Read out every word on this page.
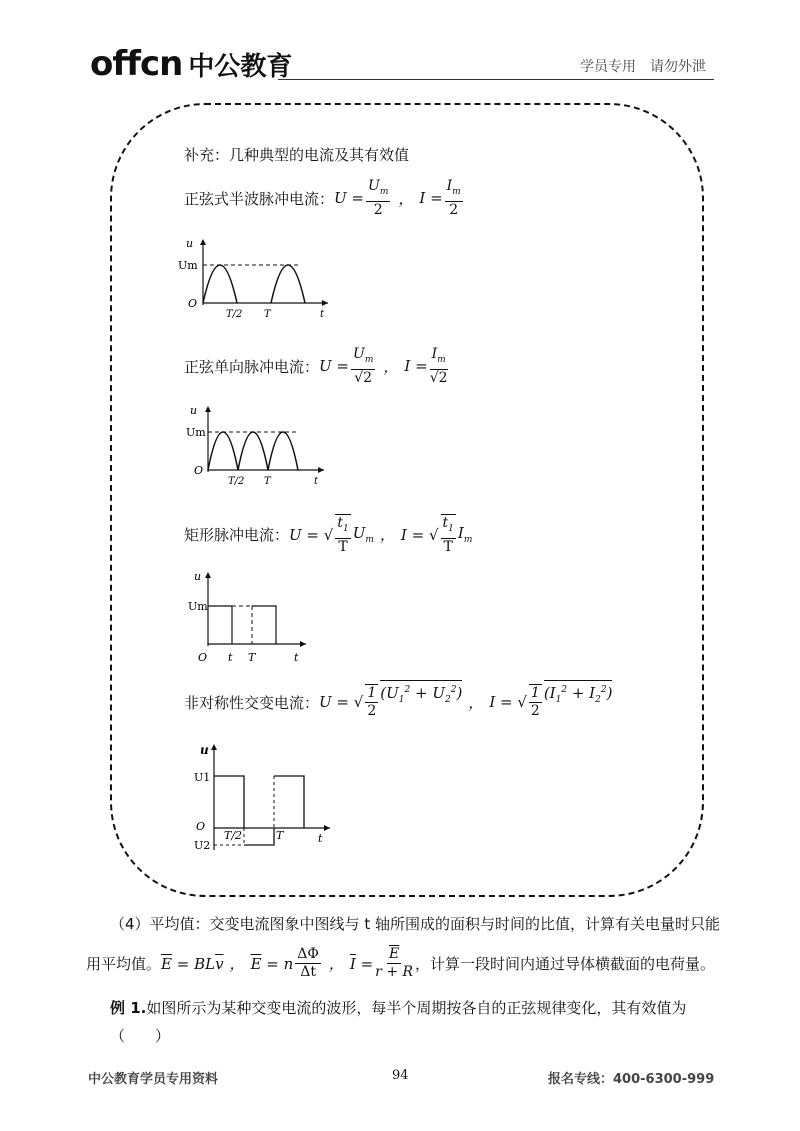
offcn 中公教育	学员专用 请勿外泄
补充：几种典型的电流及其有效值
正弦式半波脉冲电流： $U = \frac{U_m}{2}$ ， $I = \frac{I_m}{2}$
u
Um
O
T/2 T	t
正弦单向脉冲电流： $U = \frac{U_m}{√2}$ ， $I = \frac{I_m}{√2}$
u
Um
O
T/2 T	t
矩形脉冲电流： U = √ $\frac{t_1}{T} U_m$ ， I = √ $\frac{t_1}{T} I_m$
u
Um
O t T	t
非对称性交变电流： U = √ $\frac{1}{2} (U_1^2 + U_2^2)$
， I = √ $\frac{1}{2} (I_1^2 + I_2^2)$
u
U1
O
U2
T/2	T	t
（4）平均值：交变电流图象中图线与 t 轴所围成的面积与时间的比值，计算有关电量时只能
用平均值。 $\overline{E} = BL\overline{v}$ ， $\overline{E} = n \frac{\Delta\Phi}{\Delta t}$ ， $\overline{I} = \frac{\overline{E}}{r + R}$ ，计算一段时间内通过导体横截面的电荷量。
例 1.如图所示为某种交变电流的波形，每半个周期按各自的正弦规律变化，其有效值为（　　）
中公教育学员专用资料	94	报名专线：400-6300-999
